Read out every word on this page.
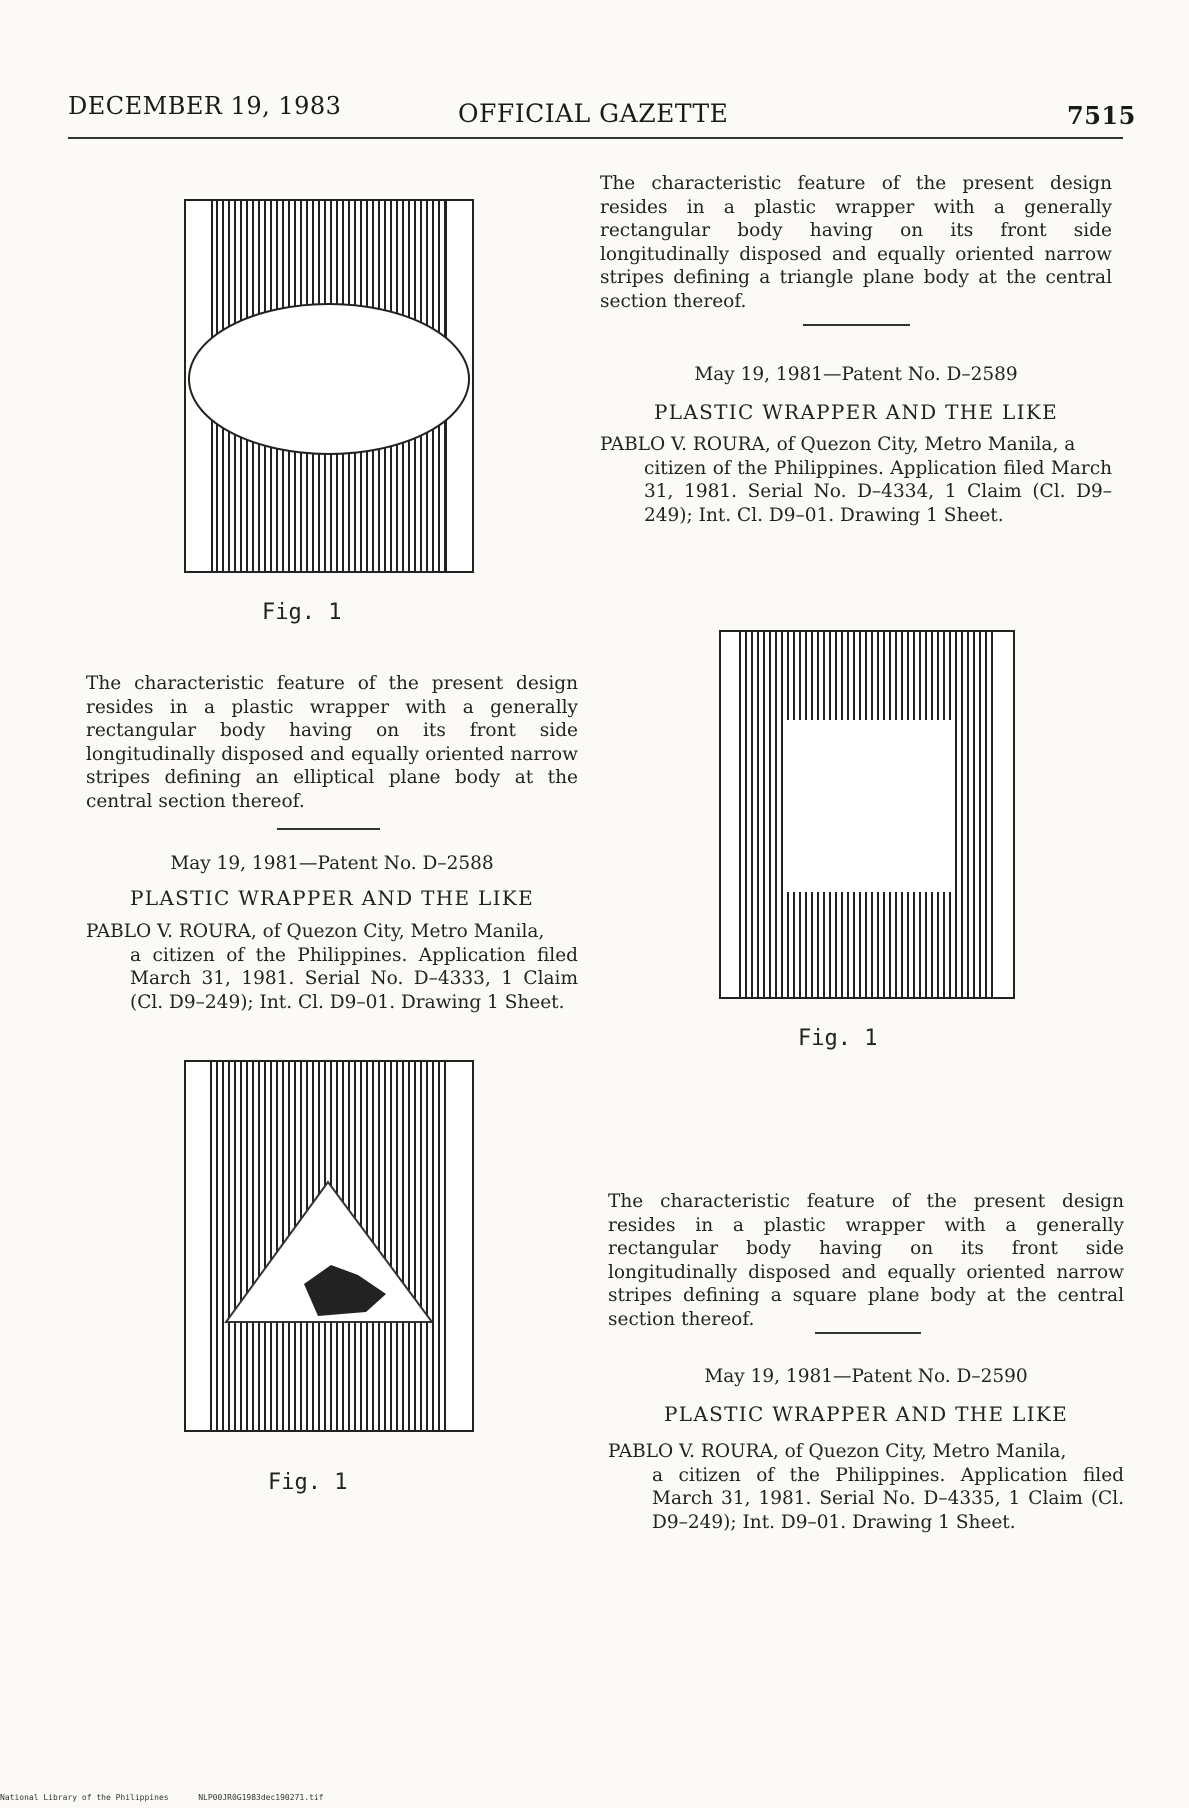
DECEMBER 19, 1983	OFFICIAL GAZETTE	7515
Fig. 1
The characteristic feature of the present design resides in a plastic wrapper with a generally rectangular body having on its front side longitudinally disposed and equally oriented narrow stripes defining a triangle plane body at the central section thereof.
May 19, 1981—Patent No. D–2589
PLASTIC WRAPPER AND THE LIKE
PABLO V. ROURA, of Quezon City, Metro Manila, a
citizen of the Philippines. Application filed March 31, 1981. Serial No. D–4334, 1 Claim (Cl. D9–249); Int. Cl. D9–01. Drawing 1 Sheet.
The characteristic feature of the present design resides in a plastic wrapper with a generally rectangular body having on its front side longitudinally disposed and equally oriented narrow stripes defining an elliptical plane body at the central section thereof.
May 19, 1981—Patent No. D–2588
PLASTIC WRAPPER AND THE LIKE
PABLO V. ROURA, of Quezon City, Metro Manila,
a citizen of the Philippines. Application filed March 31, 1981. Serial No. D–4333, 1 Claim (Cl. D9–249); Int. Cl. D9–01. Drawing 1 Sheet.
Fig. 1
Fig. 1
The characteristic feature of the present design resides in a plastic wrapper with a generally rectangular body having on its front side longitudinally disposed and equally oriented narrow stripes defining a square plane body at the central section thereof.
May 19, 1981—Patent No. D–2590
PLASTIC WRAPPER AND THE LIKE
PABLO V. ROURA, of Quezon City, Metro Manila,
a citizen of the Philippines. Application filed March 31, 1981. Serial No. D–4335, 1 Claim (Cl. D9–249); Int. D9–01. Drawing 1 Sheet.
National Library of the Philippines	NLP00JR0G1983dec190271.tif
